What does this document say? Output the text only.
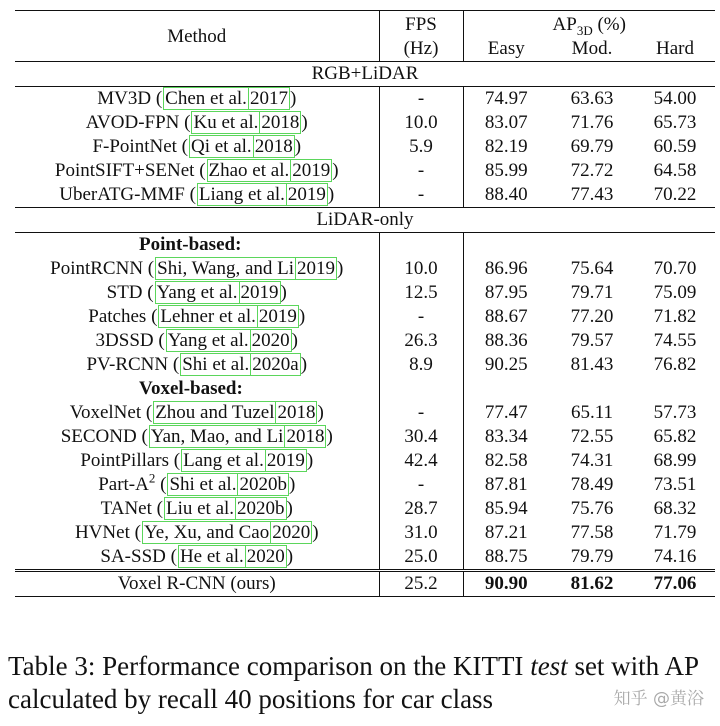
Method	FPS	$AP_{3D}$ (%)		
	(Hz)	Easy	Mod.	Hard
RGB+LiDAR				
MV3D ( Chen et al. 2017 )	-	74.97	63.63	54.00
AVOD-FPN ( Ku et al. 2018 )	10.0	83.07	71.76	65.73
F-PointNet ( Qi et al. 2018 )	5.9	82.19	69.79	60.59
PointSIFT+SENet ( Zhao et al. 2019 )	-	85.99	72.72	64.58
UberATG-MMF ( Liang et al. 2019 )	-	88.40	77.43	70.22
LiDAR-only				
Point-based:				
PointRCNN ( Shi, Wang, and Li 2019 )	10.0	86.96	75.64	70.70
STD ( Yang et al. 2019 )	12.5	87.95	79.71	75.09
Patches ( Lehner et al. 2019 )	-	88.67	77.20	71.82
3DSSD ( Yang et al. 2020 )	26.3	88.36	79.57	74.55
PV-RCNN ( Shi et al. 2020a )	8.9	90.25	81.43	76.82
Voxel-based:				
VoxelNet ( Zhou and Tuzel 2018 )	-	77.47	65.11	57.73
SECOND ( Yan, Mao, and Li 2018 )	30.4	83.34	72.55	65.82
PointPillars ( Lang et al. 2019 )	42.4	82.58	74.31	68.99
Part-$A^2$ ( Shi et al. 2020b )	-	87.81	78.49	73.51
TANet ( Liu et al. 2020b )	28.7	85.94	75.76	68.32
HVNet ( Ye, Xu, and Cao 2020 )	31.0	87.21	77.58	71.79
SA-SSD ( He et al. 2020 )	25.0	88.75	79.79	74.16
Voxel R-CNN (ours)	25.2	90.90	81.62	77.06
Table 3: Performance comparison on the KITTI test set with AP calculated by recall 40 positions for car class	知乎 @黄浴
